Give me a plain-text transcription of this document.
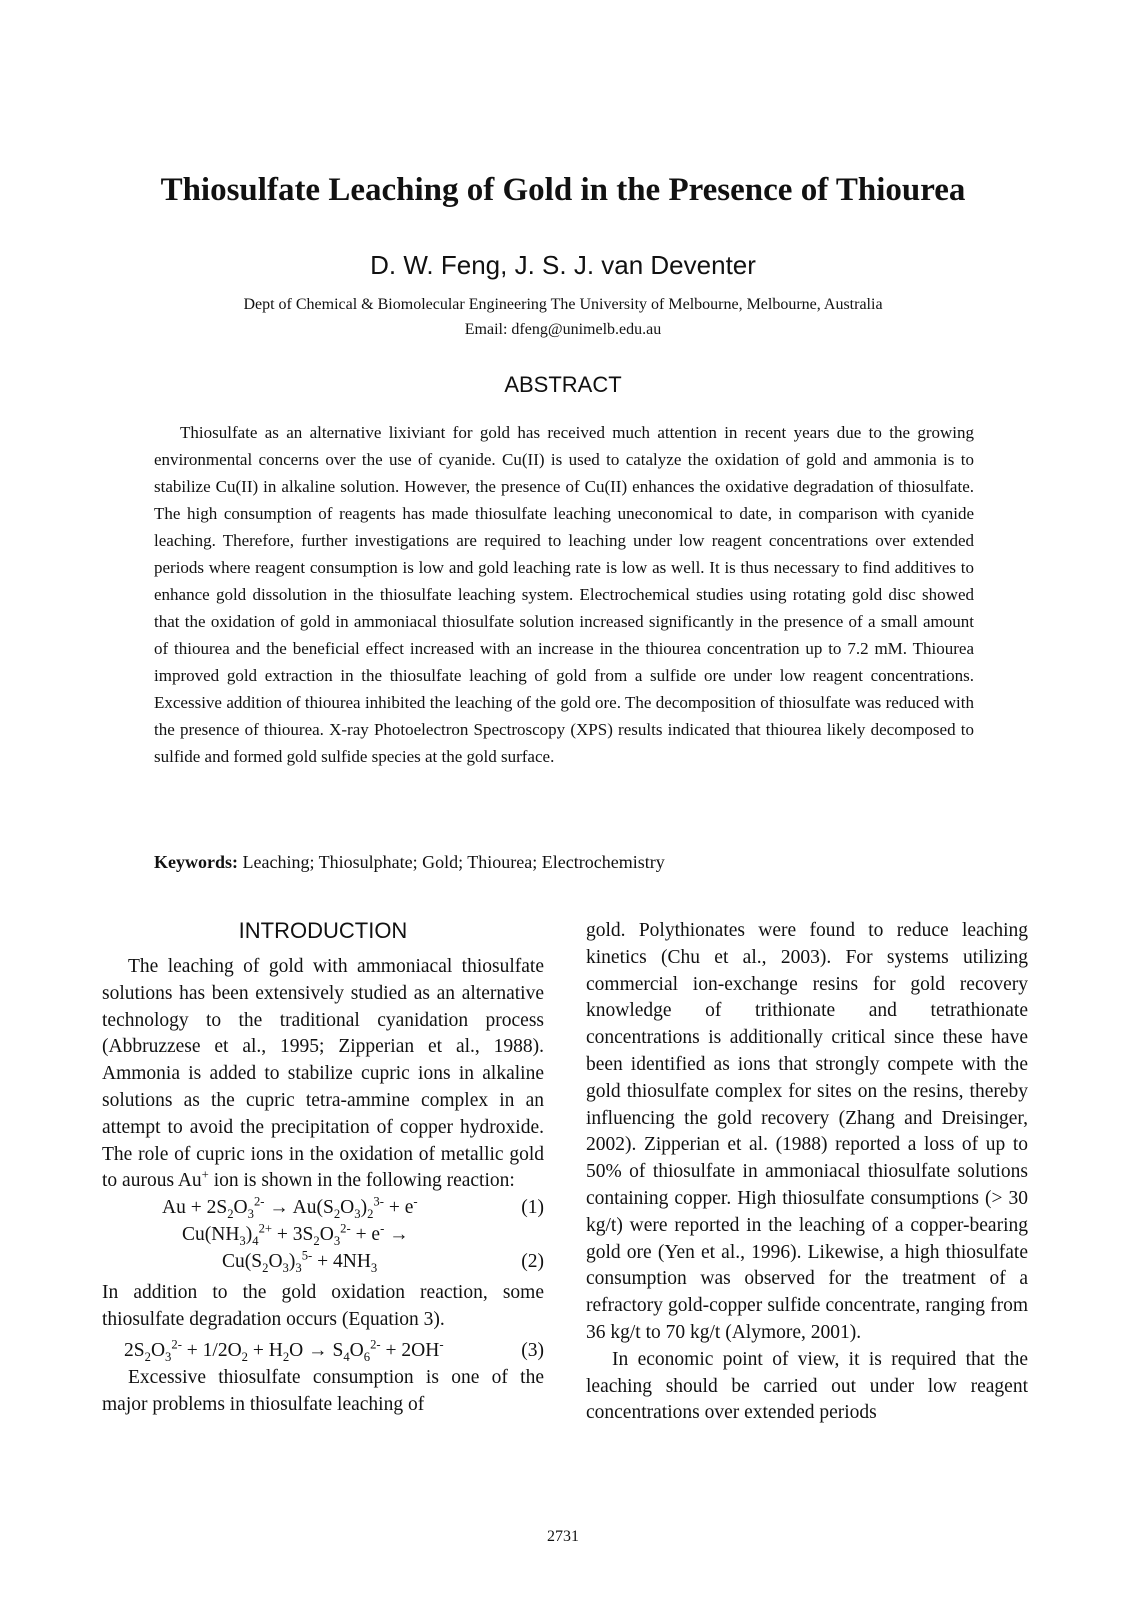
Thiosulfate Leaching of Gold in the Presence of Thiourea
D. W. Feng, J. S. J. van Deventer
Dept of Chemical & Biomolecular Engineering The University of Melbourne, Melbourne, Australia
Email: dfeng@unimelb.edu.au
ABSTRACT
Thiosulfate as an alternative lixiviant for gold has received much attention in recent years due to the growing environmental concerns over the use of cyanide. Cu(II) is used to catalyze the oxidation of gold and ammonia is to stabilize Cu(II) in alkaline solution. However, the presence of Cu(II) enhances the oxidative degradation of thiosulfate. The high consumption of reagents has made thiosulfate leaching uneconomical to date, in comparison with cyanide leaching. Therefore, further investigations are required to leaching under low reagent concentrations over extended periods where reagent consumption is low and gold leaching rate is low as well. It is thus necessary to find additives to enhance gold dissolution in the thiosulfate leaching system. Electrochemical studies using rotating gold disc showed that the oxidation of gold in ammoniacal thiosulfate solution increased significantly in the presence of a small amount of thiourea and the beneficial effect increased with an increase in the thiourea concentration up to 7.2 mM. Thiourea improved gold extraction in the thiosulfate leaching of gold from a sulfide ore under low reagent concentrations. Excessive addition of thiourea inhibited the leaching of the gold ore. The decomposition of thiosulfate was reduced with the presence of thiourea. X-ray Photoelectron Spectroscopy (XPS) results indicated that thiourea likely decomposed to sulfide and formed gold sulfide species at the gold surface.
Keywords: Leaching; Thiosulphate; Gold; Thiourea; Electrochemistry
INTRODUCTION

The leaching of gold with ammoniacal thiosulfate solutions has been extensively studied as an alternative technology to the traditional cyanidation process (Abbruzzese et al., 1995; Zipperian et al., 1988). Ammonia is added to stabilize cupric ions in alkaline solutions as the cupric tetra-ammine complex in an attempt to avoid the precipitation of copper hydroxide. The role of cupric ions in the oxidation of metallic gold to aurous Au+ ion is shown in the following reaction:

$Au + 2S_2O_3^{2-} \to Au(S_2O_3)_2^{3-} + e^-$	(1)
$Cu(NH_3)_4^{2+} + 3S_2O_3^{2-} + e^-$ →
$Cu(S_2O_3)_3^{5-} + 4NH_3$	(2)

In addition to the gold oxidation reaction, some thiosulfate degradation occurs (Equation 3).

$2S_2O_3^{2-} + 1/2O_2 + H_2O \to S_4O_6^{2-} + 2OH^-$	(3)

Excessive thiosulfate consumption is one of the major problems in thiosulfate leaching of

gold. Polythionates were found to reduce leaching kinetics (Chu et al., 2003). For systems utilizing commercial ion-exchange resins for gold recovery knowledge of trithionate and tetrathionate concentrations is additionally critical since these have been identified as ions that strongly compete with the gold thiosulfate complex for sites on the resins, thereby influencing the gold recovery (Zhang and Dreisinger, 2002). Zipperian et al. (1988) reported a loss of up to 50% of thiosulfate in ammoniacal thiosulfate solutions containing copper. High thiosulfate consumptions (> 30 kg/t) were reported in the leaching of a copper-bearing gold ore (Yen et al., 1996). Likewise, a high thiosulfate consumption was observed for the treatment of a refractory gold-copper sulfide concentrate, ranging from 36 kg/t to 70 kg/t (Alymore, 2001).

In economic point of view, it is required that the leaching should be carried out under low reagent concentrations over extended periods

2731
